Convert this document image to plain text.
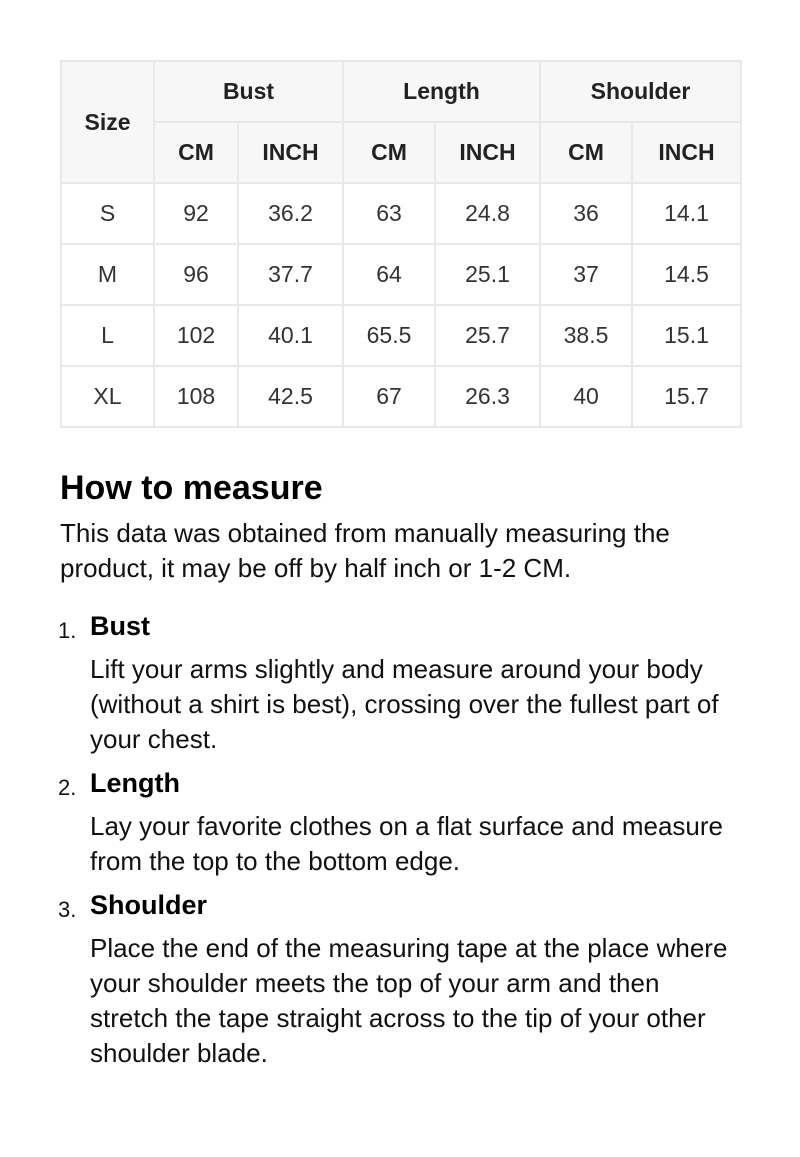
Size	Bust		Length		Shoulder	
	CM	INCH	CM	INCH	CM	INCH
S	92	36.2	63	24.8	36	14.1
M	96	37.7	64	25.1	37	14.5
L	102	40.1	65.5	25.7	38.5	15.1
XL	108	42.5	67	26.3	40	15.7
How to measure

This data was obtained from manually measuring the product, it may be off by half inch or 1-2 CM.

1. Bust
Lift your arms slightly and measure around your body (without a shirt is best), crossing over the fullest part of your chest.
2. Length
Lay your favorite clothes on a flat surface and measure from the top to the bottom edge.
3. Shoulder
Place the end of the measuring tape at the place where your shoulder meets the top of your arm and then stretch the tape straight across to the tip of your other shoulder blade.
